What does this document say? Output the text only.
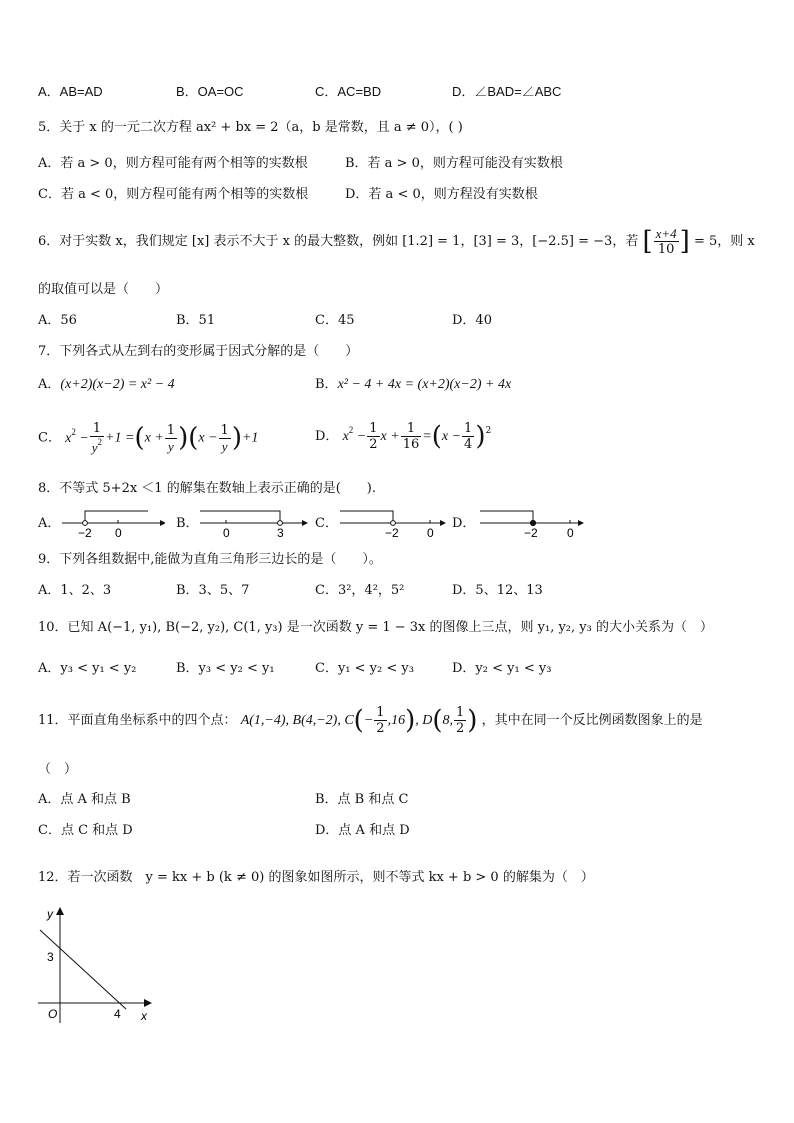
A．AB=AD	B．OA=OC	C．AC=BD	D．∠BAD=∠ABC
5．关于 x 的一元二次方程 ax² + bx = 2（a，b 是常数，且 a ≠ 0），( )
A．若 a > 0，则方程可能有两个相等的实数根	B．若 a > 0，则方程可能没有实数根
C．若 a < 0，则方程可能有两个相等的实数根	D．若 a < 0，则方程没有实数根
6．对于实数 x，我们规定 [x] 表示不大于 x 的最大整数，例如 [1.2] = 1，[3] = 3，[−2.5] = −3，若 [ $\frac{x+4}{10}$ ] = 5，则 x
的取值可以是（　　）
A．56	B．51	C．45	D．40
7．下列各式从左到右的变形属于因式分解的是（　　）
A．(x+2)(x−2) = x² − 4	B．x² − 4 + 4x = (x+2)(x−2) + 4x
C． $x^2 - \frac{1}{y^2} +1 =(x + \frac{1}{y} )(x - \frac{1}{y} )+1$	D． $x^2 - \frac{1}{2}$ $x + \frac{1}{16} =(x - \frac{1}{4} )^2$
8．不等式 5+2x ＜1 的解集在数轴上表示正确的是(　　).
A．
−2 0
B．
0	3
C．
−2 0
D．
−2 0
9．下列各组数据中,能做为直角三角形三边长的是（　　）。
A．1、2、3	B．3、5、7	C．3²，4²，5²	D．5、12、13
10．已知 A(−1, y₁), B(−2, y₂), C(1, y₃) 是一次函数 y = 1 − 3x 的图像上三点，则 y₁, y₂, y₃ 的大小关系为（　）
A．y₃ < y₁ < y₂	B．y₃ < y₂ < y₁	C．y₁ < y₂ < y₃	D．y₂ < y₁ < y₃
11．平面直角坐标系中的四个点： A(1,−4), B(4,−2), $C(- \frac{1}{2} ,16)$, D(8, $\frac{1}{2}$ ) ，其中在同一个反比例函数图象上的是
（　）
A．点 A 和点 B	B．点 B 和点 C
C．点 C 和点 D	D．点 A 和点 D
12．若一次函数　y = kx + b (k ≠ 0) 的图象如图所示，则不等式 kx + b > 0 的解集为（　）
y
x
O
3
4
